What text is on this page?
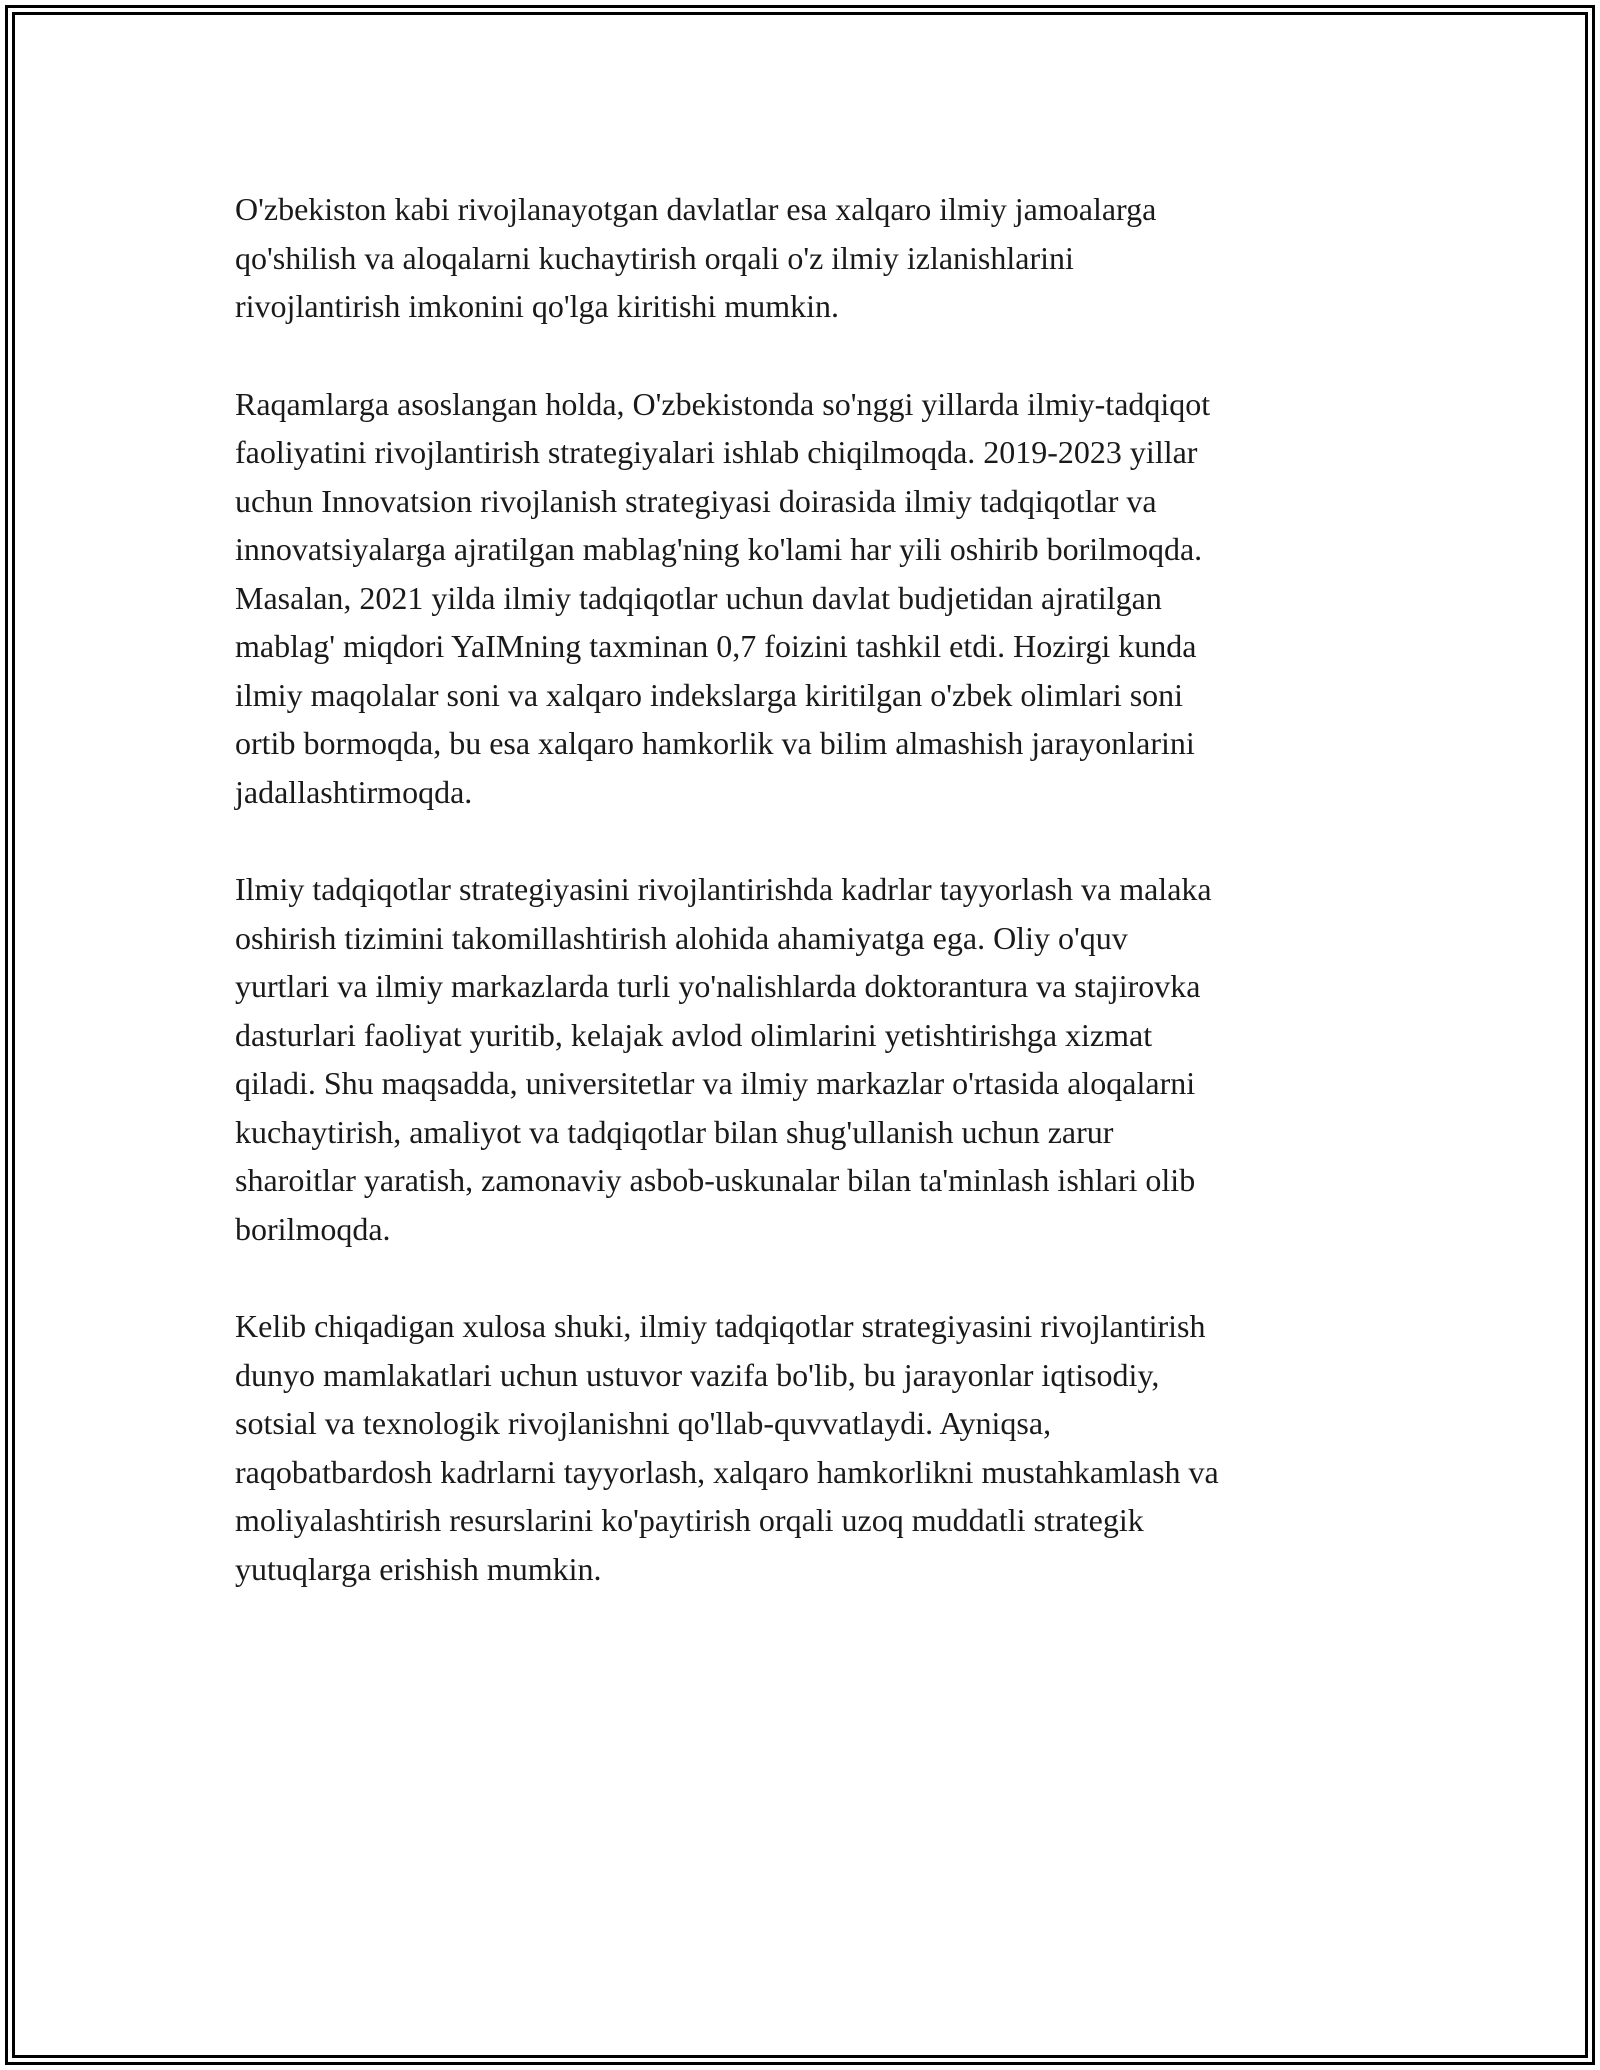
O'zbekiston kabi rivojlanayotgan davlatlar esa xalqaro ilmiy jamoalarga
qo'shilish va aloqalarni kuchaytirish orqali o'z ilmiy izlanishlarini
rivojlantirish imkonini qo'lga kiritishi mumkin.

Raqamlarga asoslangan holda, O'zbekistonda so'nggi yillarda ilmiy-tadqiqot
faoliyatini rivojlantirish strategiyalari ishlab chiqilmoqda. 2019-2023 yillar
uchun Innovatsion rivojlanish strategiyasi doirasida ilmiy tadqiqotlar va
innovatsiyalarga ajratilgan mablag'ning ko'lami har yili oshirib borilmoqda.
Masalan, 2021 yilda ilmiy tadqiqotlar uchun davlat budjetidan ajratilgan
mablag' miqdori YaIMning taxminan 0,7 foizini tashkil etdi. Hozirgi kunda
ilmiy maqolalar soni va xalqaro indekslarga kiritilgan o'zbek olimlari soni
ortib bormoqda, bu esa xalqaro hamkorlik va bilim almashish jarayonlarini
jadallashtirmoqda.

Ilmiy tadqiqotlar strategiyasini rivojlantirishda kadrlar tayyorlash va malaka
oshirish tizimini takomillashtirish alohida ahamiyatga ega. Oliy o'quv
yurtlari va ilmiy markazlarda turli yo'nalishlarda doktorantura va stajirovka
dasturlari faoliyat yuritib, kelajak avlod olimlarini yetishtirishga xizmat
qiladi. Shu maqsadda, universitetlar va ilmiy markazlar o'rtasida aloqalarni
kuchaytirish, amaliyot va tadqiqotlar bilan shug'ullanish uchun zarur
sharoitlar yaratish, zamonaviy asbob-uskunalar bilan ta'minlash ishlari olib
borilmoqda.

Kelib chiqadigan xulosa shuki, ilmiy tadqiqotlar strategiyasini rivojlantirish
dunyo mamlakatlari uchun ustuvor vazifa bo'lib, bu jarayonlar iqtisodiy,
sotsial va texnologik rivojlanishni qo'llab-quvvatlaydi. Ayniqsa,
raqobatbardosh kadrlarni tayyorlash, xalqaro hamkorlikni mustahkamlash va
moliyalashtirish resurslarini ko'paytirish orqali uzoq muddatli strategik
yutuqlarga erishish mumkin.
